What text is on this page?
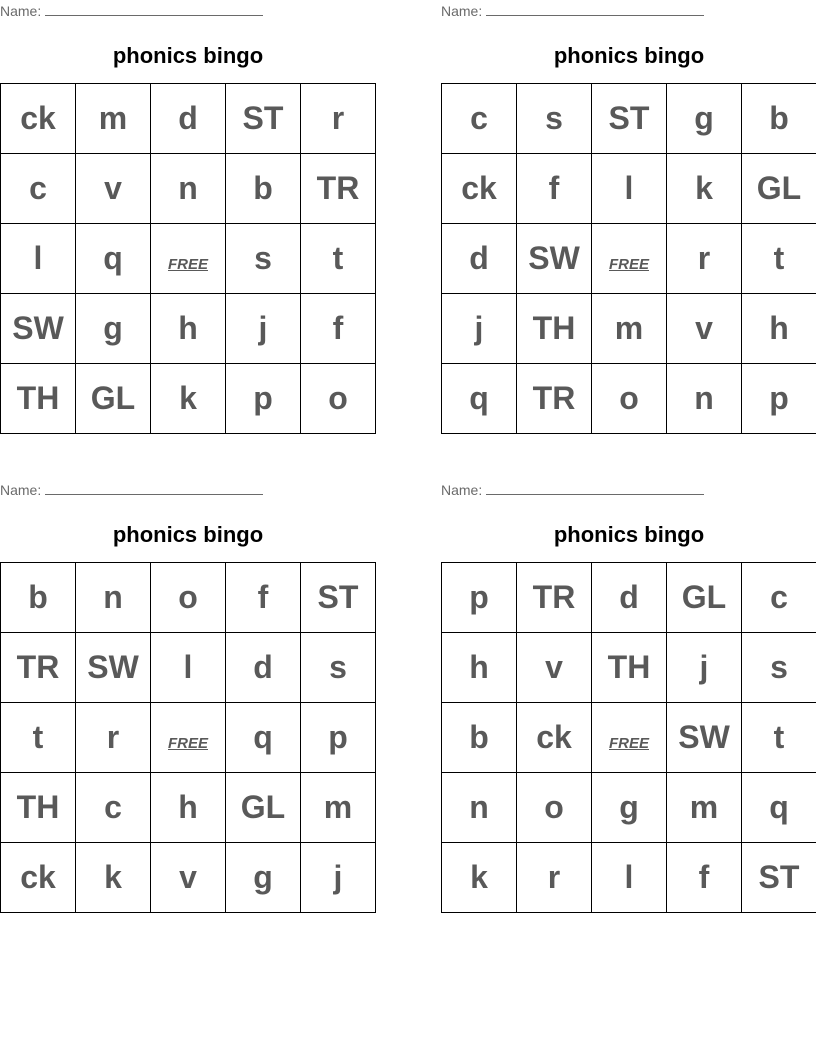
Name:
phonics bingo
ck	m	d	ST	r
c	v	n	b	TR
l	q	FREE	s	t
SW	g	h	j	f
TH	GL	k	p	o
Name:
phonics bingo
c	s	ST	g	b
ck	f	l	k	GL
d	SW	FREE	r	t
j	TH	m	v	h
q	TR	o	n	p
Name:
phonics bingo
b	n	o	f	ST
TR	SW	l	d	s
t	r	FREE	q	p
TH	c	h	GL	m
ck	k	v	g	j
Name:
phonics bingo
p	TR	d	GL	c
h	v	TH	j	s
b	ck	FREE	SW	t
n	o	g	m	q
k	r	l	f	ST
